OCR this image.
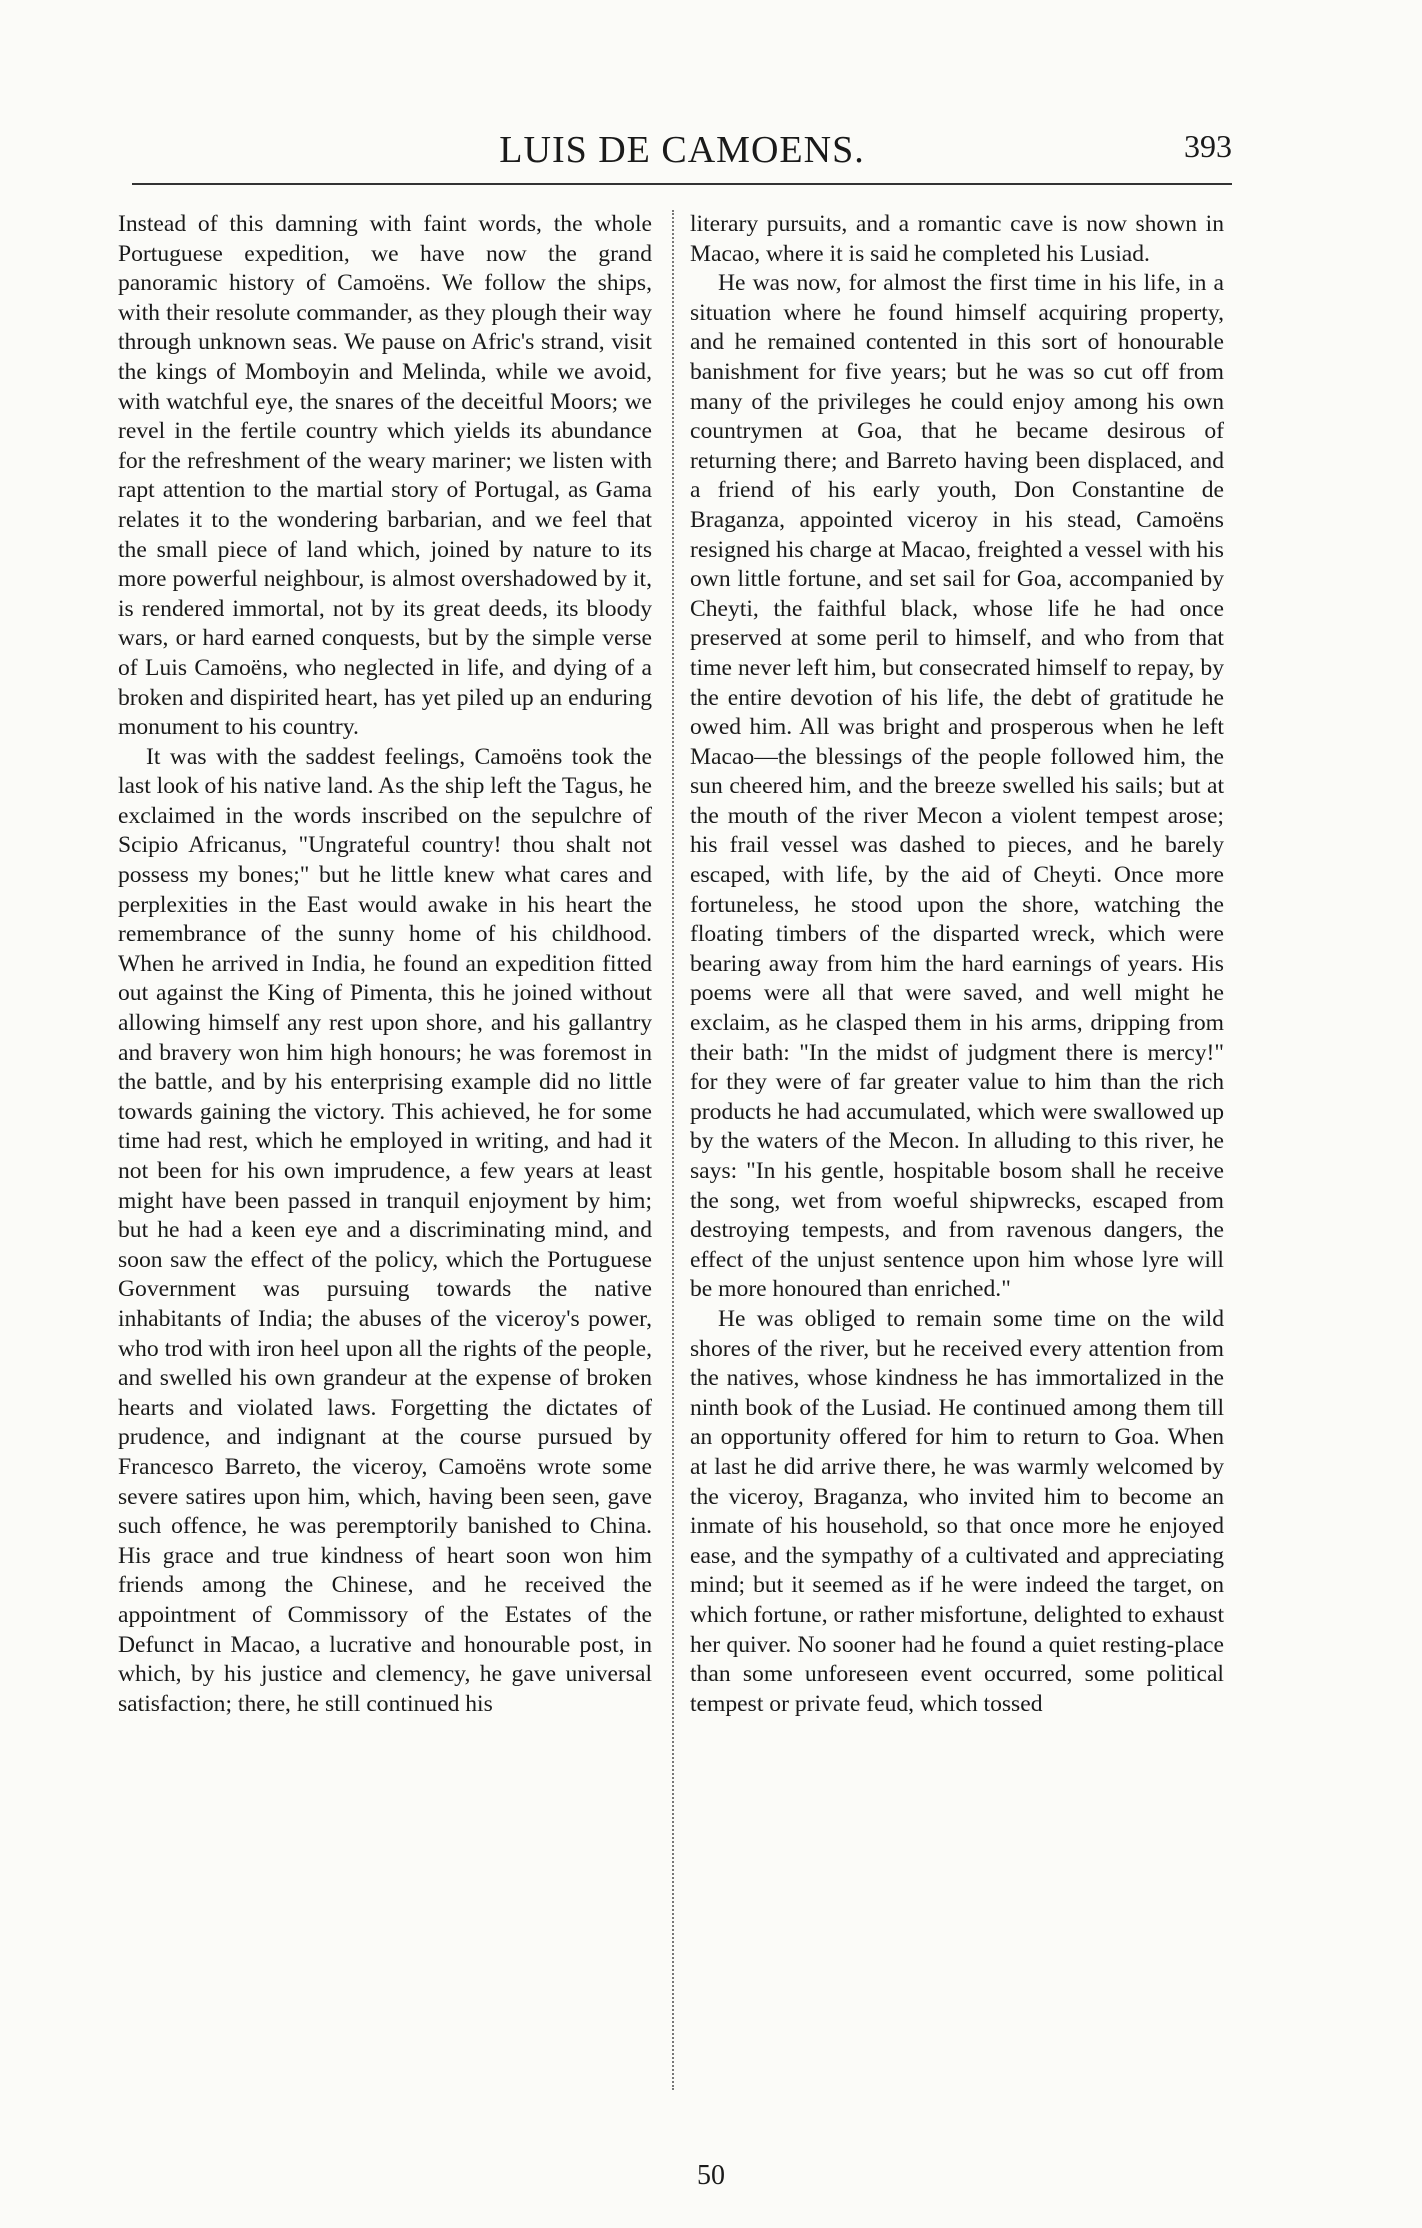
LUIS DE CAMOENS.	393

Instead of this damning with faint words, the whole Portuguese expedition, we have now the grand panoramic history of Camoëns. We follow the ships, with their resolute commander, as they plough their way through unknown seas. We pause on Afric's strand, visit the kings of Momboyin and Melinda, while we avoid, with watchful eye, the snares of the deceitful Moors; we revel in the fertile country which yields its abundance for the refreshment of the weary mariner; we listen with rapt attention to the martial story of Portugal, as Gama relates it to the wondering barbarian, and we feel that the small piece of land which, joined by nature to its more powerful neighbour, is almost overshadowed by it, is rendered immortal, not by its great deeds, its bloody wars, or hard earned conquests, but by the simple verse of Luis Camoëns, who neglected in life, and dying of a broken and dispirited heart, has yet piled up an enduring monument to his country.

It was with the saddest feelings, Camoëns took the last look of his native land. As the ship left the Tagus, he exclaimed in the words inscribed on the sepulchre of Scipio Africanus, "Ungrateful country! thou shalt not possess my bones;" but he little knew what cares and perplexities in the East would awake in his heart the remembrance of the sunny home of his childhood. When he arrived in India, he found an expedition fitted out against the King of Pimenta, this he joined without allowing himself any rest upon shore, and his gallantry and bravery won him high honours; he was foremost in the battle, and by his enterprising example did no little towards gaining the victory. This achieved, he for some time had rest, which he employed in writing, and had it not been for his own imprudence, a few years at least might have been passed in tranquil enjoyment by him; but he had a keen eye and a discriminating mind, and soon saw the effect of the policy, which the Portuguese Government was pursuing towards the native inhabitants of India; the abuses of the viceroy's power, who trod with iron heel upon all the rights of the people, and swelled his own grandeur at the expense of broken hearts and violated laws. Forgetting the dictates of prudence, and indignant at the course pursued by Francesco Barreto, the viceroy, Camoëns wrote some severe satires upon him, which, having been seen, gave such offence, he was peremptorily banished to China. His grace and true kindness of heart soon won him friends among the Chinese, and he received the appointment of Commissory of the Estates of the Defunct in Macao, a lucrative and honourable post, in which, by his justice and clemency, he gave universal satisfaction; there, he still continued his

literary pursuits, and a romantic cave is now shown in Macao, where it is said he completed his Lusiad.

He was now, for almost the first time in his life, in a situation where he found himself acquiring property, and he remained contented in this sort of honourable banishment for five years; but he was so cut off from many of the privileges he could enjoy among his own countrymen at Goa, that he became desirous of returning there; and Barreto having been displaced, and a friend of his early youth, Don Constantine de Braganza, appointed viceroy in his stead, Camoëns resigned his charge at Macao, freighted a vessel with his own little fortune, and set sail for Goa, accompanied by Cheyti, the faithful black, whose life he had once preserved at some peril to himself, and who from that time never left him, but consecrated himself to repay, by the entire devotion of his life, the debt of gratitude he owed him. All was bright and prosperous when he left Macao—the blessings of the people followed him, the sun cheered him, and the breeze swelled his sails; but at the mouth of the river Mecon a violent tempest arose; his frail vessel was dashed to pieces, and he barely escaped, with life, by the aid of Cheyti. Once more fortuneless, he stood upon the shore, watching the floating timbers of the disparted wreck, which were bearing away from him the hard earnings of years. His poems were all that were saved, and well might he exclaim, as he clasped them in his arms, dripping from their bath: "In the midst of judgment there is mercy!" for they were of far greater value to him than the rich products he had accumulated, which were swallowed up by the waters of the Mecon. In alluding to this river, he says: "In his gentle, hospitable bosom shall he receive the song, wet from woeful shipwrecks, escaped from destroying tempests, and from ravenous dangers, the effect of the unjust sentence upon him whose lyre will be more honoured than enriched."

He was obliged to remain some time on the wild shores of the river, but he received every attention from the natives, whose kindness he has immortalized in the ninth book of the Lusiad. He continued among them till an opportunity offered for him to return to Goa. When at last he did arrive there, he was warmly welcomed by the viceroy, Braganza, who invited him to become an inmate of his household, so that once more he enjoyed ease, and the sympathy of a cultivated and appreciating mind; but it seemed as if he were indeed the target, on which fortune, or rather misfortune, delighted to exhaust her quiver. No sooner had he found a quiet resting-place than some unforeseen event occurred, some political tempest or private feud, which tossed

50
